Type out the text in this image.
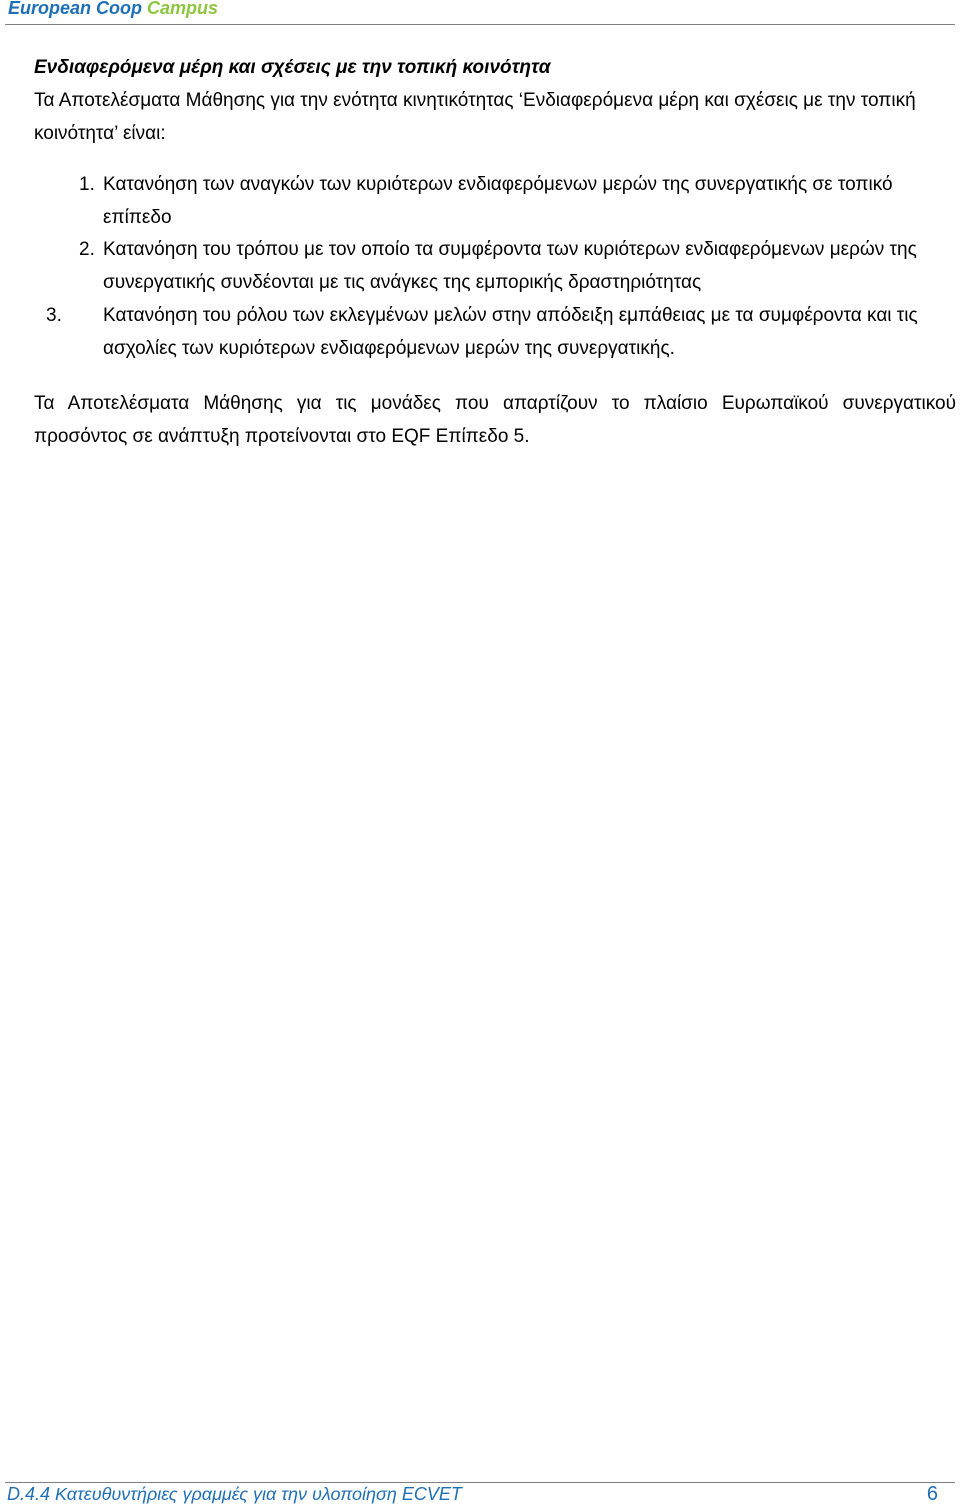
European Coop Campus
Ενδιαφερόμενα μέρη και σχέσεις με την τοπική κοινότητα
Τα Αποτελέσματα Μάθησης για την ενότητα κινητικότητας ‘Ενδιαφερόμενα μέρη και σχέσεις με την τοπική κοινότητα’ είναι:
1. Κατανόηση των αναγκών των κυριότερων ενδιαφερόμενων μερών της συνεργατικής σε τοπικό επίπεδο
2. Κατανόηση του τρόπου με τον οποίο τα συμφέροντα των κυριότερων ενδιαφερόμενων μερών της συνεργατικής συνδέονται με τις ανάγκες της εμπορικής δραστηριότητας
3. Κατανόηση του ρόλου των εκλεγμένων μελών στην απόδειξη εμπάθειας με τα συμφέροντα και τις ασχολίες των κυριότερων ενδιαφερόμενων μερών της συνεργατικής.
Τα Αποτελέσματα Μάθησης για τις μονάδες που απαρτίζουν το πλαίσιο Ευρωπαϊκού συνεργατικού προσόντος σε ανάπτυξη προτείνονται στο EQF Επίπεδο 5.
D.4.4 Κατευθυντήριες γραμμές για την υλοποίηση ECVET	6
